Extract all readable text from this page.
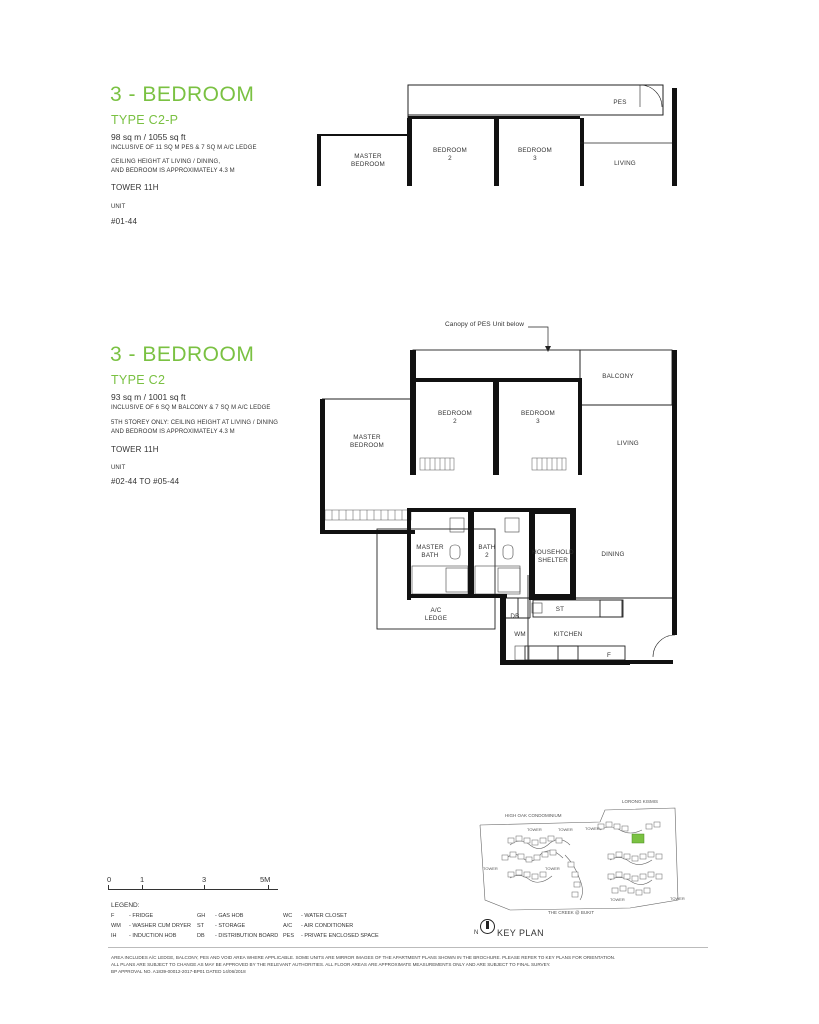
3 - BEDROOM
TYPE C2-P
98 sq m / 1055 sq ft
INCLUSIVE OF 11 SQ M PES & 7 SQ M A/C LEDGE
CEILING HEIGHT AT LIVING / DINING,
AND BEDROOM IS APPROXIMATELY 4.3 M
TOWER 11H
UNIT
#01-44
PES
MASTER
BEDROOM
BEDROOM
2
BEDROOM
3
LIVING
3 - BEDROOM
TYPE C2
93 sq m / 1001 sq ft
INCLUSIVE OF 6 SQ M BALCONY & 7 SQ M A/C LEDGE
5TH STOREY ONLY: CEILING HEIGHT AT LIVING / DINING
AND BEDROOM IS APPROXIMATELY 4.3 M
TOWER 11H
UNIT
#02-44 TO #05-44
Canopy of PES Unit below
BALCONY
LIVING
MASTER
BEDROOM
BEDROOM
2
BEDROOM
3
MASTER
BATH
BATH
2	HOUSEHOLD
SHELTER
DINING
ST
DB
WM	KITCHEN
F
A/C
LEDGE
0	1	3	5M
LEGEND:
F	- FRIDGE	GH - GAS HOB	WC - WATER CLOSET
WM - WASHER CUM DRYER ST - STORAGE	A/C - AIR CONDITIONER
IH - INDUCTION HOB	DB - DISTRIBUTION BOARD PES - PRIVATE ENCLOSED SPACE
LORONG KISMIS
HIGH OAK CONDOMINIUM
THE CREEK @ BUKIT
TOWER	TOWER
TOWER
TOWER
TOWER
TOWER	TOWER
N KEY PLAN
AREA INCLUDES A/C LEDGE, BALCONY, PES AND VOID AREA WHERE APPLICABLE. SOME UNITS ARE MIRROR IMAGES OF THE APARTMENT PLANS SHOWN IN THE BROCHURE. PLEASE REFER TO KEY PLANS FOR ORIENTATION.
ALL PLANS ARE SUBJECT TO CHANGE AS MAY BE APPROVED BY THE RELEVANT AUTHORITIES. ALL FLOOR AREAS ARE APPROXIMATE MEASUREMENTS ONLY AND ARE SUBJECT TO FINAL SURVEY.
BP APPROVAL NO. A1839-00012-2017-BP01 DATED 14/06/2018
